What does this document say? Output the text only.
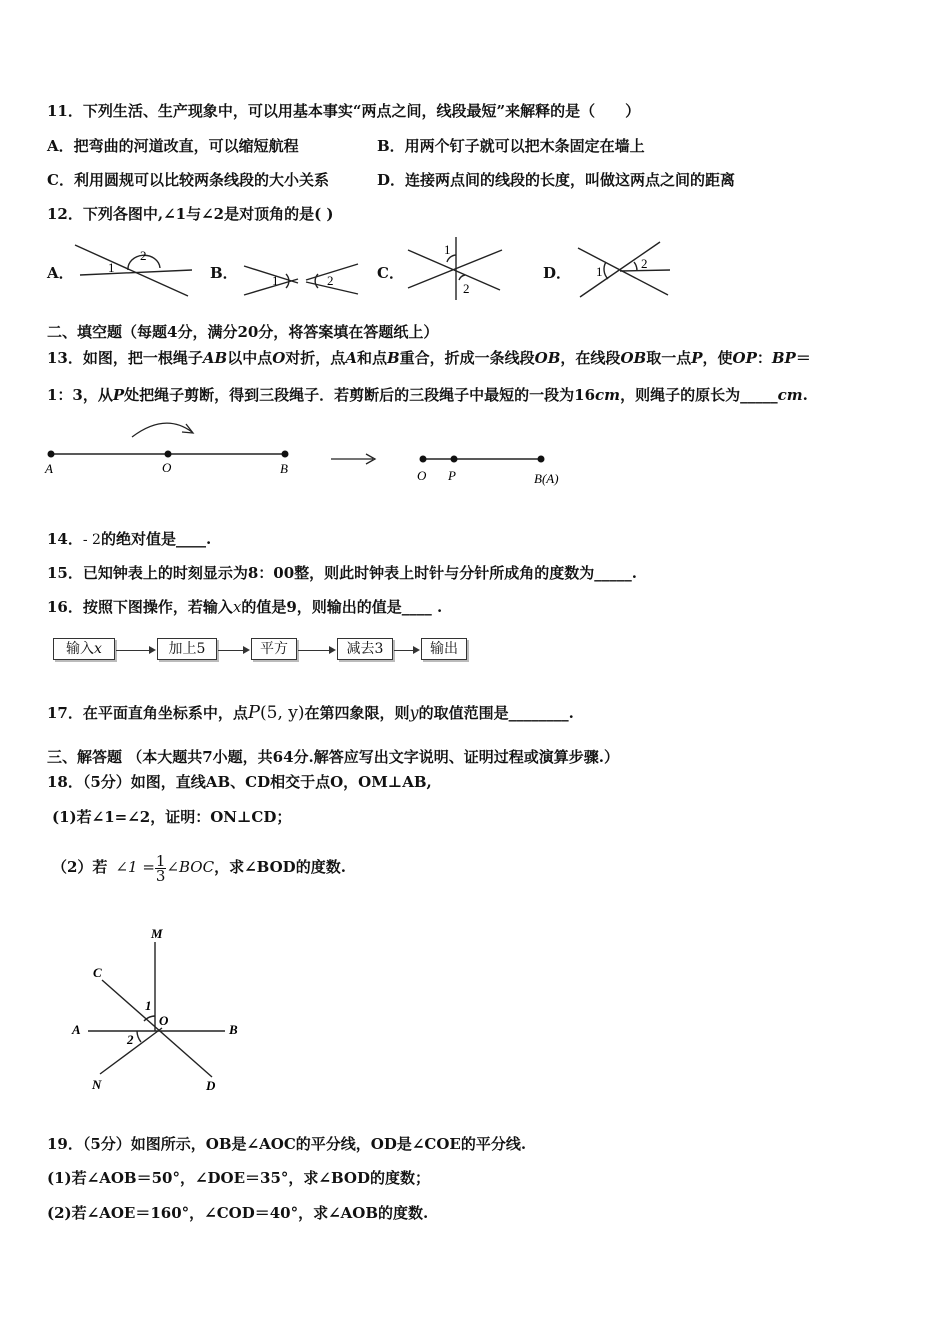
11．下列生活、生产现象中，可以用基本事实“两点之间，线段最短”来解释的是（　　）
A．把弯曲的河道改直，可以缩短航程	B．用两个钉子就可以把木条固定在墙上
C．利用圆规可以比较两条线段的大小关系	D．连接两点间的线段的长度，叫做这两点之间的距离
12．下列各图中,∠1与∠2是对顶角的是( )
A．	B．	C．	D．
1
2
1	2
1
2
1
2
二、填空题（每题4分，满分20分，将答案填在答题纸上）
13．如图，把一根绳子AB以中点O对折，点A和点B重合，折成一条线段OB，在线段OB取一点P，使OP：BP＝
1：3，从P处把绳子剪断，得到三段绳子．若剪断后的三段绳子中最短的一段为16cm，则绳子的原长为_____cm.
A	O	B	O P	B(A)
14．- 2的绝对值是____.
15．已知钟表上的时刻显示为8：00整，则此时钟表上时针与分针所成角的度数为_____.
16．按照下图操作，若输入x的值是9，则输出的值是____ .
输入x	加上5	平方	减去3	输出
17．在平面直角坐标系中，点P(5, y)在第四象限，则y的取值范围是________.
三、解答题 （本大题共7小题，共64分.解答应写出文字说明、证明过程或演算步骤.）
18．（5分）如图，直线AB、CD相交于点O，OM⊥AB,
(1)若∠1=∠2，证明：ON⊥CD；
（2）若 ∠1 = $\frac{1}{3}$ ∠BOC，求∠BOD的度数.
M
C
A	B
N	D
O
1
2
19．（5分）如图所示，OB是∠AOC的平分线，OD是∠COE的平分线.
(1)若∠AOB＝50°，∠DOE＝35°，求∠BOD的度数；
(2)若∠AOE＝160°，∠COD＝40°，求∠AOB的度数.
